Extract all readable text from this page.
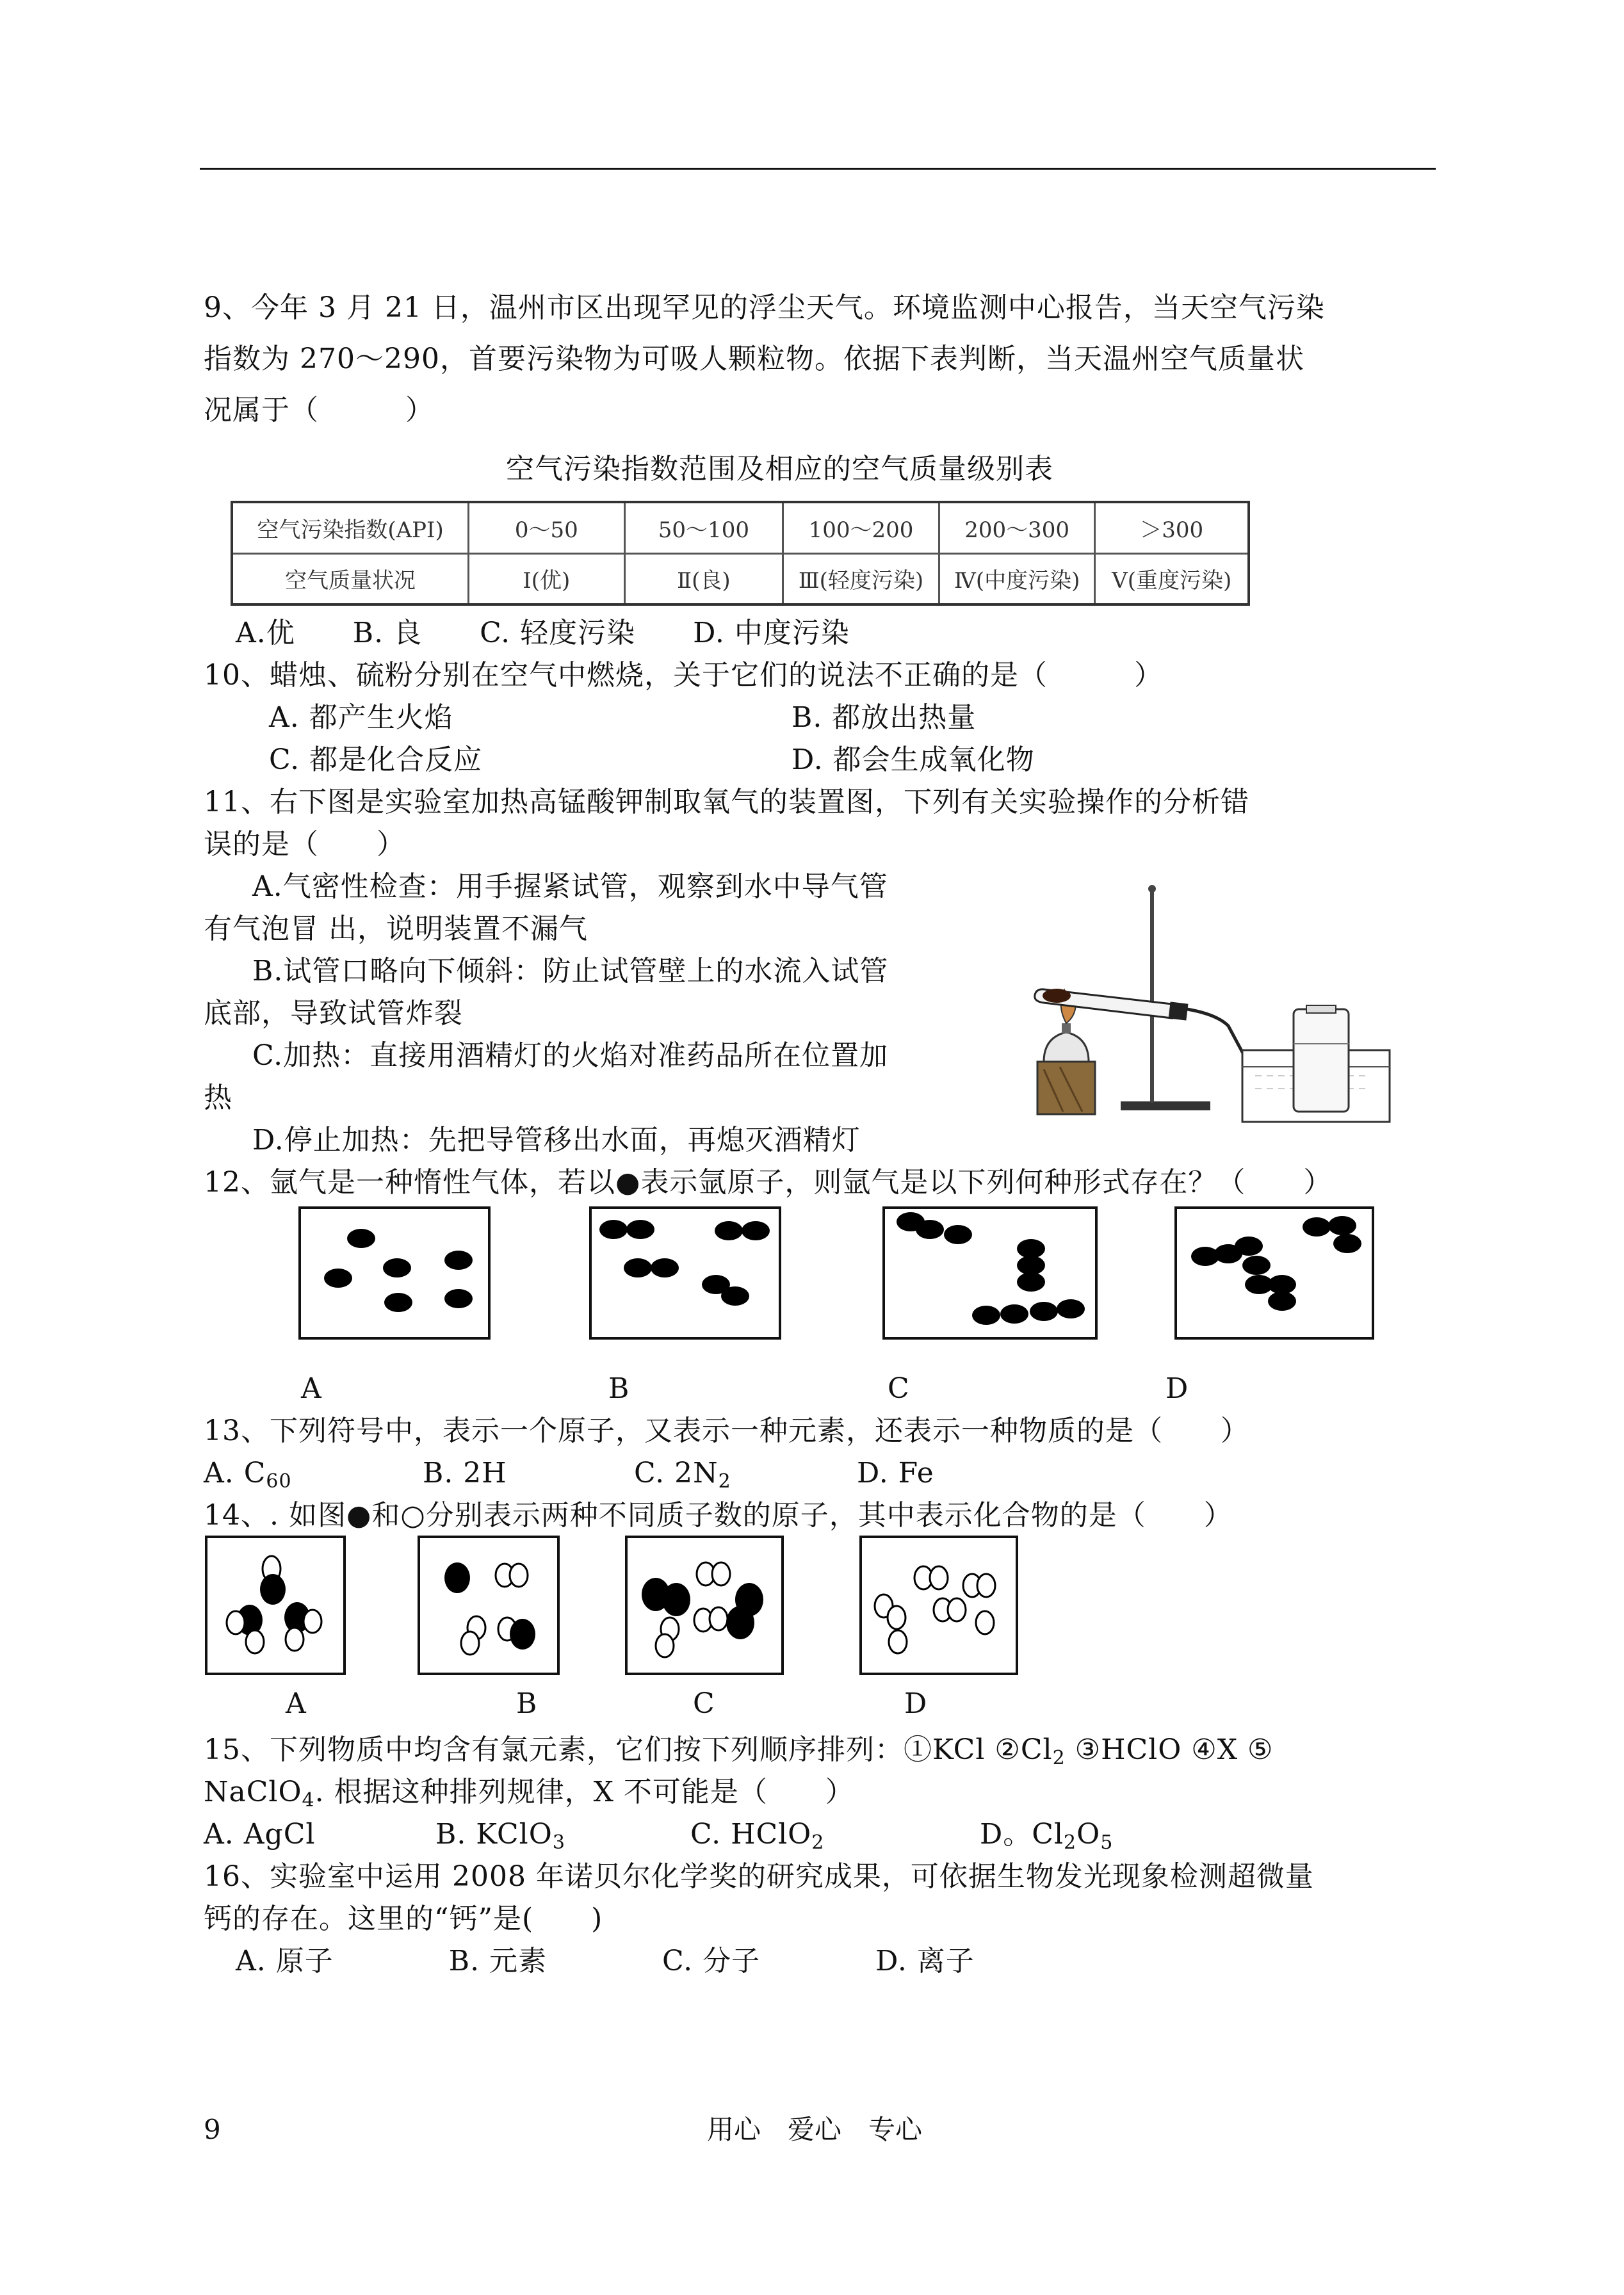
9、今年 3 月 21 日，温州市区出现罕见的浮尘天气。环境监测中心报告，当天空气污染
指数为 270～290，首要污染物为可吸人颗粒物。依据下表判断，当天温州空气质量状
况属于（　　　）
空气污染指数范围及相应的空气质量级别表
空气污染指数(API)	0～50	50～100	100～200	200～300	＞300
空气质量状况	Ⅰ(优)	Ⅱ(良)	Ⅲ(轻度污染)	Ⅳ(中度污染)	Ⅴ(重度污染)
A.优　　B. 良　　C. 轻度污染　　D. 中度污染
10、蜡烛、硫粉分别在空气中燃烧，关于它们的说法不正确的是（　　　）
A. 都产生火焰	B. 都放出热量
C. 都是化合反应	D. 都会生成氧化物
11、右下图是实验室加热高锰酸钾制取氧气的装置图，下列有关实验操作的分析错
误的是（　　）
A.气密性检查：用手握紧试管，观察到水中导气管
有气泡冒 出，说明装置不漏气
B.试管口略向下倾斜：防止试管壁上的水流入试管
底部，导致试管炸裂
C.加热：直接用酒精灯的火焰对准药品所在位置加
热
D.停止加热：先把导管移出水面，再熄灭酒精灯
12、氩气是一种惰性气体，若以●表示氩原子，则氩气是以下列何种形式存在？（　　）
A	B	C	D
13、下列符号中，表示一个原子，又表示一种元素，还表示一种物质的是（　　）
A. $C_{60}$	B. 2H	C. $2N_2$	D. Fe
14、. 如图●和○分别表示两种不同质子数的原子，其中表示化合物的是（　　）
A	B	C	D
15、下列物质中均含有氯元素，它们按下列顺序排列：①KCl $②Cl_2$ ③HClO ④X ⑤
NaClO$_4$. 根据这种排列规律，X 不可能是（　　）
A. AgCl	B. KClO$_3$	C. HClO$_2$	D。$Cl_2O_5$
16、实验室中运用 2008 年诺贝尔化学奖的研究成果，可依据生物发光现象检测超微量
钙的存在。这里的“钙”是(　　)
A. 原子　　　　B. 元素　　　　C. 分子　　　　D. 离子
9	用心　爱心　专心
